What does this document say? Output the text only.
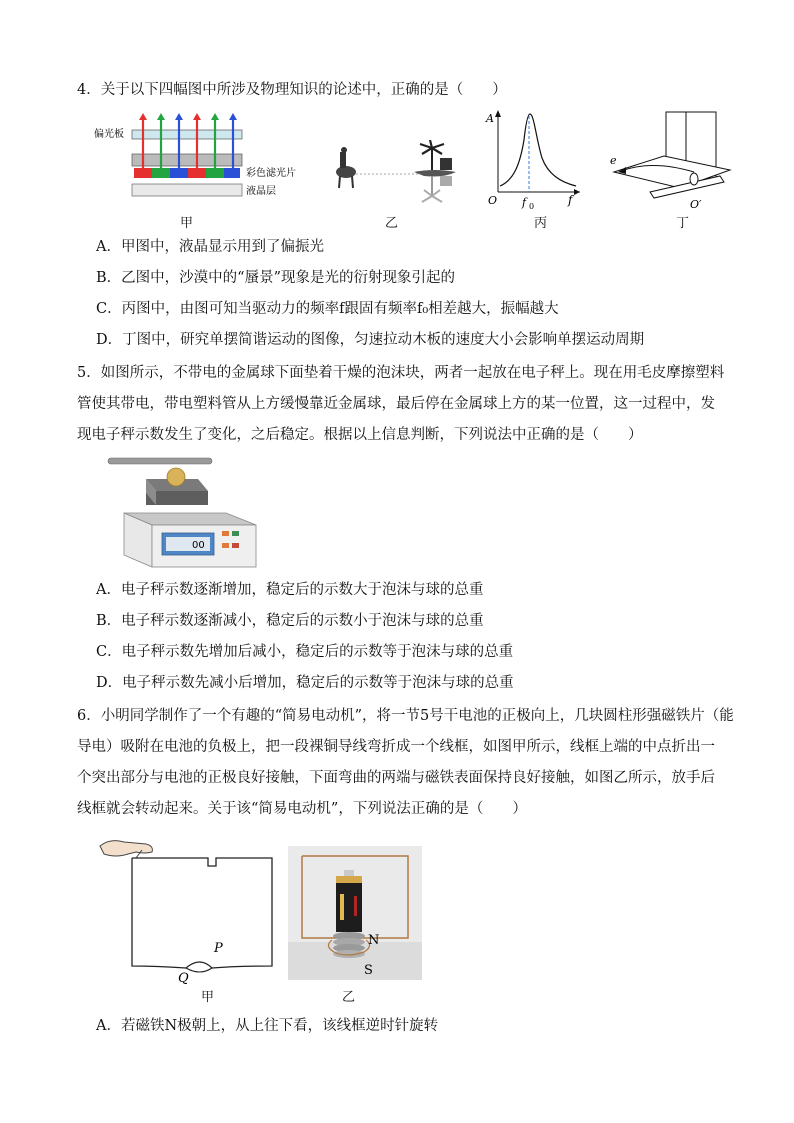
4．关于以下四幅图中所涉及物理知识的论述中，正确的是（　　）
偏光板
彩色滤光片
液晶层
甲	乙
A
f
O f 0
丙
e
O′
丁
A．甲图中，液晶显示用到了偏振光
B．乙图中，沙漠中的“蜃景”现象是光的衍射现象引起的
C．丙图中，由图可知当驱动力的频率f跟固有频率f₀相差越大，振幅越大
D．丁图中，研究单摆简谐运动的图像，匀速拉动木板的速度大小会影响单摆运动周期
5．如图所示，不带电的金属球下面垫着干燥的泡沫块，两者一起放在电子秤上。现在用毛皮摩擦塑料
管使其带电，带电塑料管从上方缓慢靠近金属球，最后停在金属球上方的某一位置，这一过程中，发
现电子秤示数发生了变化，之后稳定。根据以上信息判断，下列说法中正确的是（　　）
00
A．电子秤示数逐渐增加，稳定后的示数大于泡沫与球的总重
B．电子秤示数逐渐减小，稳定后的示数小于泡沫与球的总重
C．电子秤示数先增加后减小，稳定后的示数等于泡沫与球的总重
D．电子秤示数先减小后增加，稳定后的示数等于泡沫与球的总重
6．小明同学制作了一个有趣的“简易电动机”，将一节5号干电池的正极向上，几块圆柱形强磁铁片（能
导电）吸附在电池的负极上，把一段裸铜导线弯折成一个线框，如图甲所示，线框上端的中点折出一
个突出部分与电池的正极良好接触，下面弯曲的两端与磁铁表面保持良好接触，如图乙所示，放手后
线框就会转动起来。关于该“简易电动机”，下列说法正确的是（　　）
P
Q
甲
N
S
乙
A．若磁铁N极朝上，从上往下看，该线框逆时针旋转
